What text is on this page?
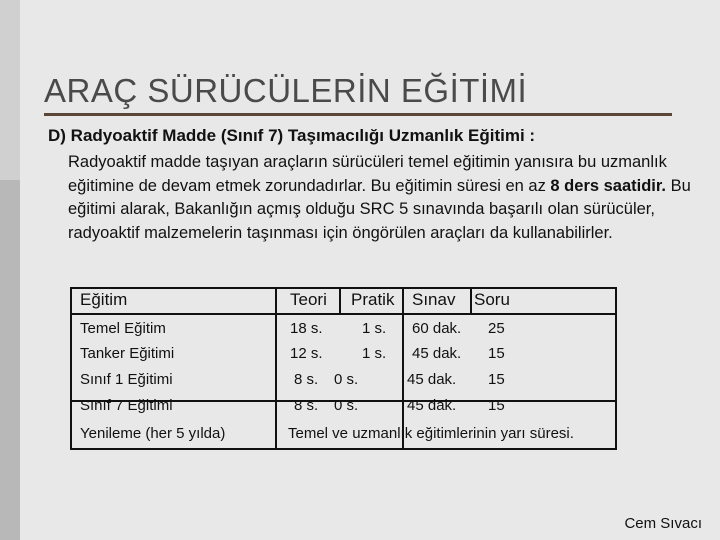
ARAÇ SÜRÜCÜLERİN EĞİTİMİ
D) Radyoaktif Madde (Sınıf 7) Taşımacılığı Uzmanlık Eğitimi :
Radyoaktif madde taşıyan araçların sürücüleri temel eğitimin yanısıra bu uzmanlık eğitimine de devam etmek zorundadırlar. Bu eğitimin süresi en az 8 ders saatidir. Bu eğitimi alarak, Bakanlığın açmış olduğu SRC 5 sınavında başarılı olan sürücüler, radyoaktif malzemelerin taşınması için öngörülen araçları da kullanabilirler.
Eğitim	Teori Pratik Sınav Soru
Temel Eğitim	18 s.	1 s. 60 dak. 25
Tanker Eğitimi	12 s.	1 s. 45 dak. 15
Sınıf 1 Eğitimi	8 s. 0 s.	45 dak. 15
Sınıf 7 Eğitimi	8 s. 0 s.	45 dak. 15
Yenileme (her 5 yılda)	Temel ve uzmanlık eğitimlerinin yarı süresi.
Cem Sıvacı
